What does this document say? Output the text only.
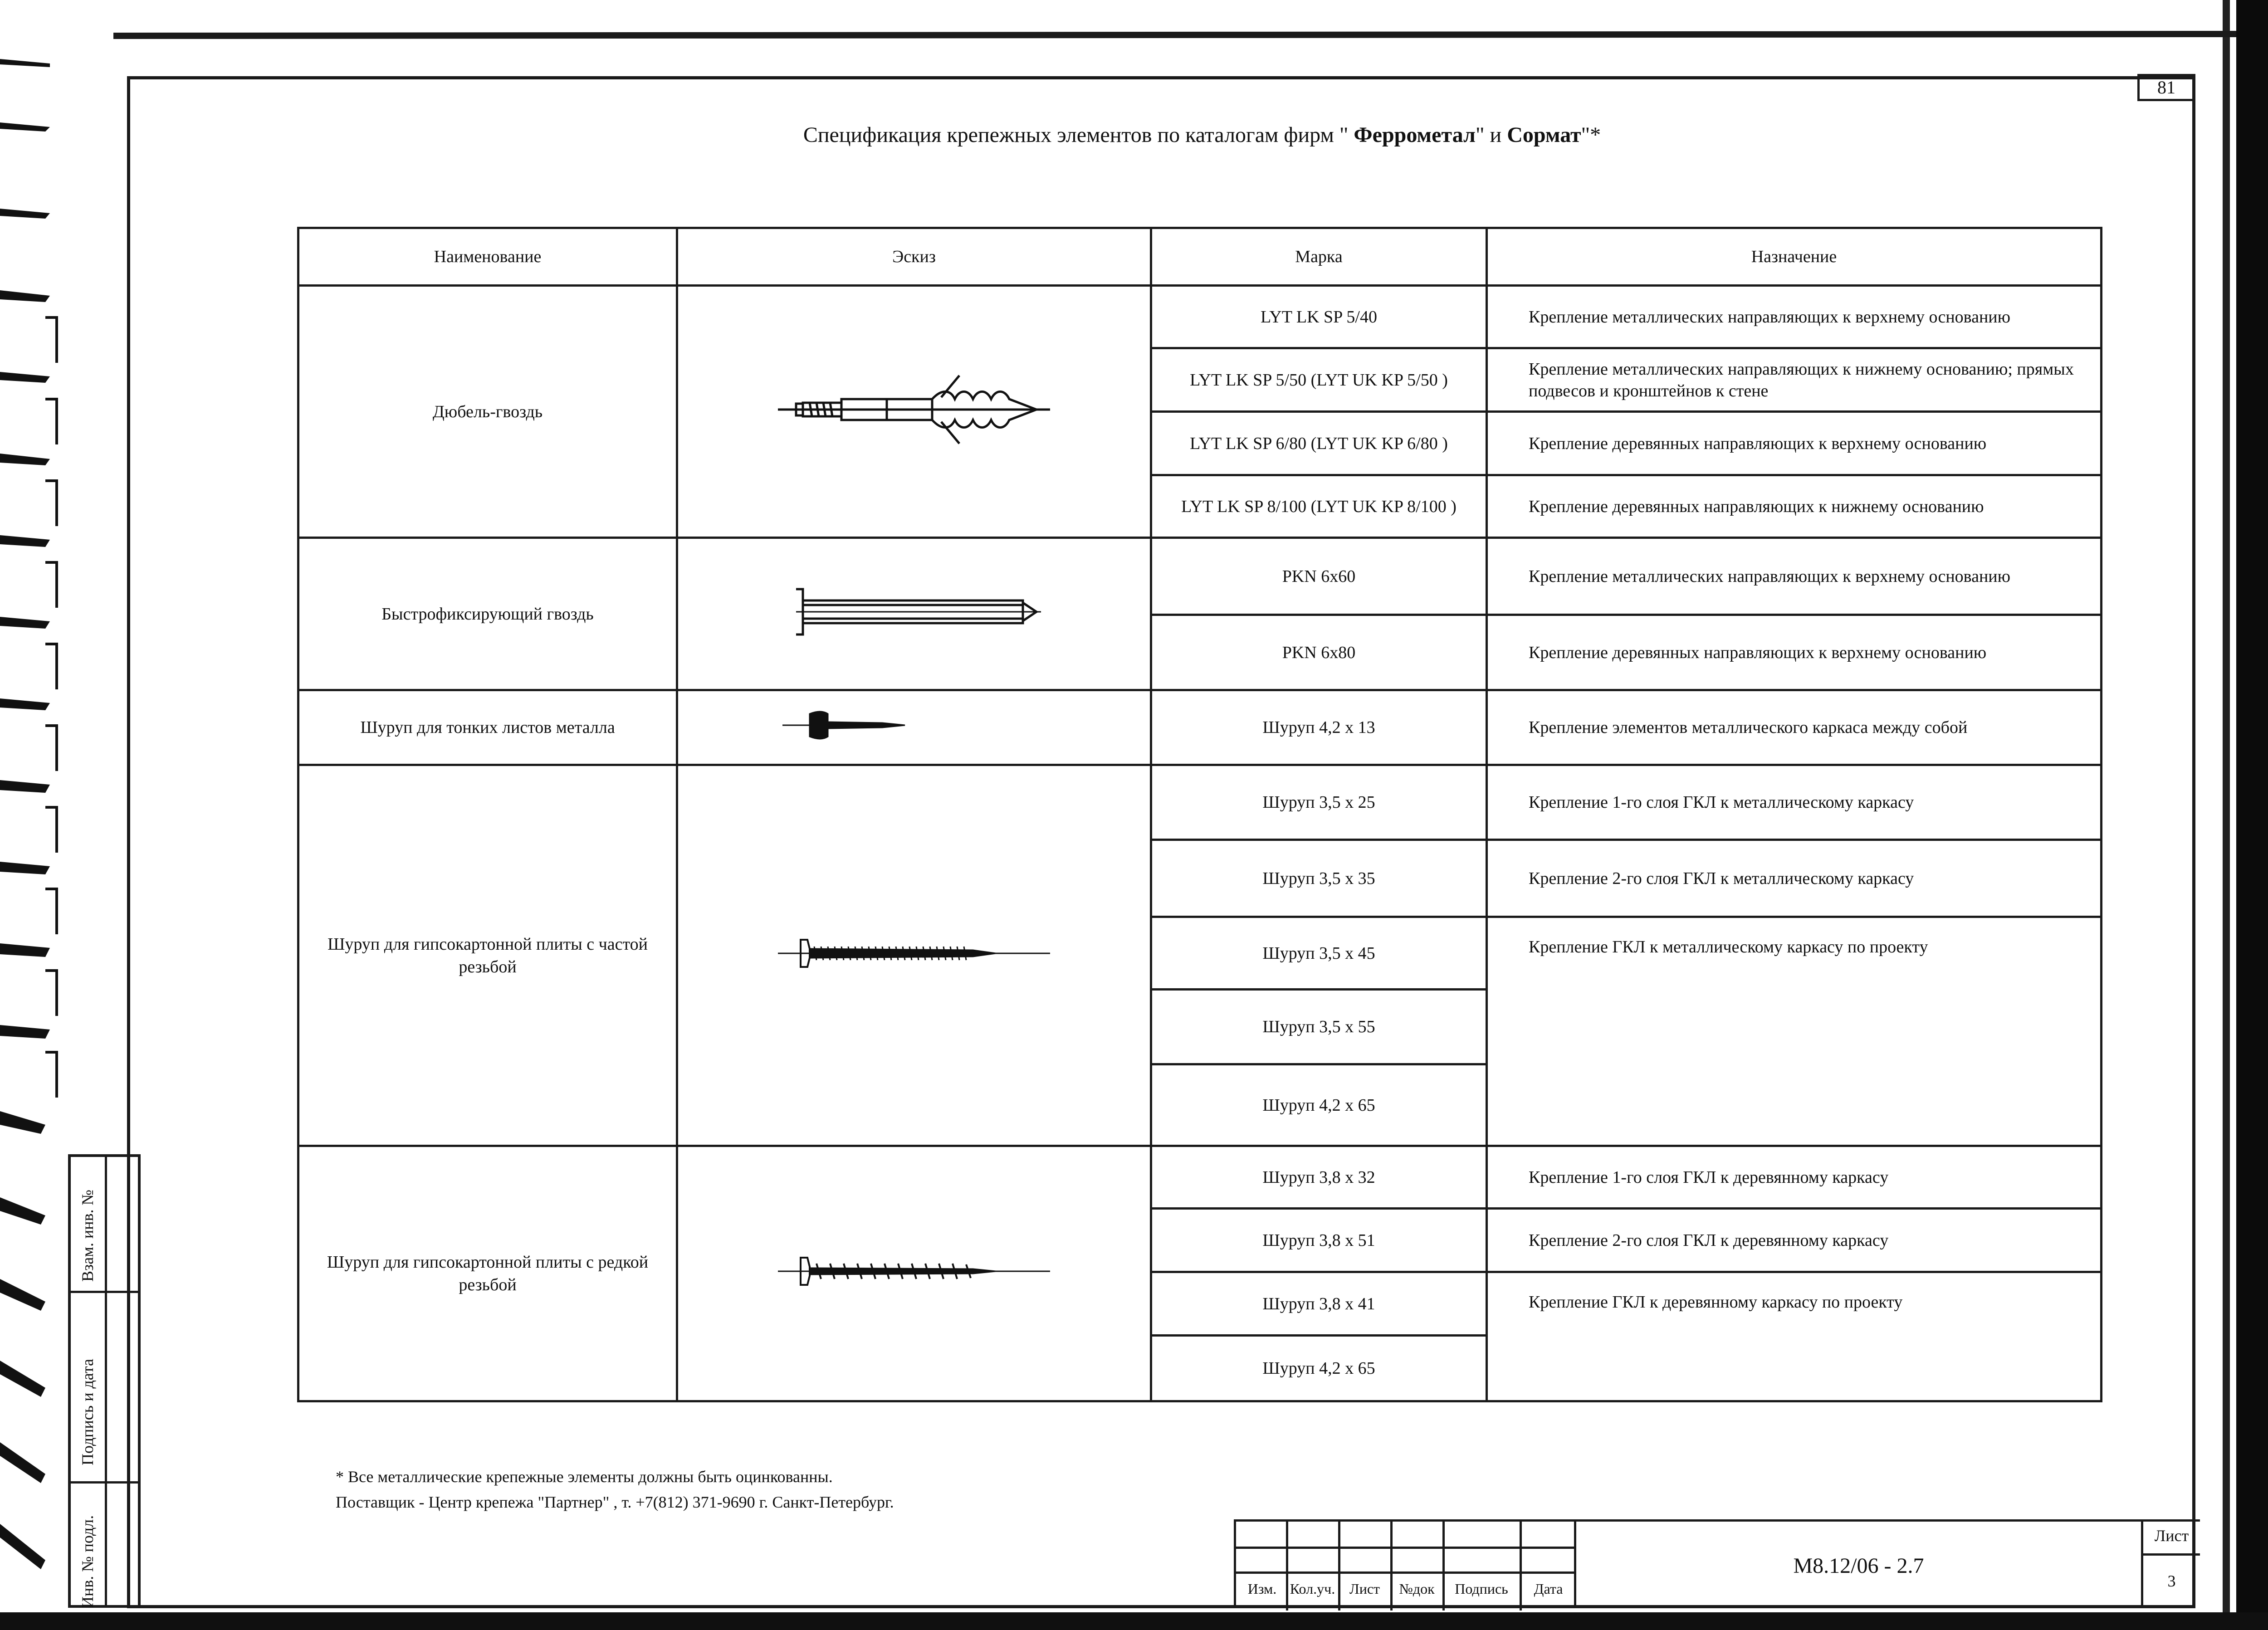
81
Спецификация крепежных элементов по каталогам фирм " Феррометал" и Сормат"*
Наименование	Эскиз	Марка	Назначение
Дюбель-гвоздь		LYT LK SP 5/40	Крепление металлических направляющих к верхнему основанию
		LYT LK SP 5/50 (LYT UK KP 5/50 )	Крепление металлических направляющих к нижнему основанию; прямых подвесов и кронштейнов к стене
		LYT LK SP 6/80 (LYT UK KP 6/80 )	Крепление деревянных направляющих к верхнему основанию
		LYT LK SP 8/100 (LYT UK KP 8/100 )	Крепление деревянных направляющих к нижнему основанию
Быстрофиксирующий гвоздь		PKN 6x60	Крепление металлических направляющих к верхнему основанию
		PKN 6x80	Крепление деревянных направляющих к верхнему основанию
Шуруп для тонких листов металла		Шуруп 4,2 х 13	Крепление элементов металлического каркаса между собой
Шуруп для гипсокартонной плиты с частой резьбой		Шуруп 3,5 х 25	Крепление 1-го слоя ГКЛ к металлическому каркасу
		Шуруп 3,5 х 35	Крепление 2-го слоя ГКЛ к металлическому каркасу
		Шуруп 3,5 х 45	Крепление ГКЛ к металлическому каркасу по проекту
		Шуруп 3,5 х 55	
		Шуруп 4,2 х 65	
Шуруп для гипсокартонной плиты с редкой резьбой		Шуруп 3,8 х 32	Крепление 1-го слоя ГКЛ к деревянному каркасу
		Шуруп 3,8 х 51	Крепление 2-го слоя ГКЛ к деревянному каркасу
		Шуруп 3,8 х 41	Крепление ГКЛ к деревянному каркасу по проекту
		Шуруп 4,2 х 65	
* Все металлические крепежные элементы должны быть оцинкованны.
Поставщик - Центр крепежа "Партнер" , т. +7(812) 371-9690 г. Санкт-Петербург.
Взам. инв. №
Подпись и дата
Инв. № подл.	Изм. Кол.уч. Лист	№док	Подпись	Дата
М8.12/06 - 2.7
Лист
3
